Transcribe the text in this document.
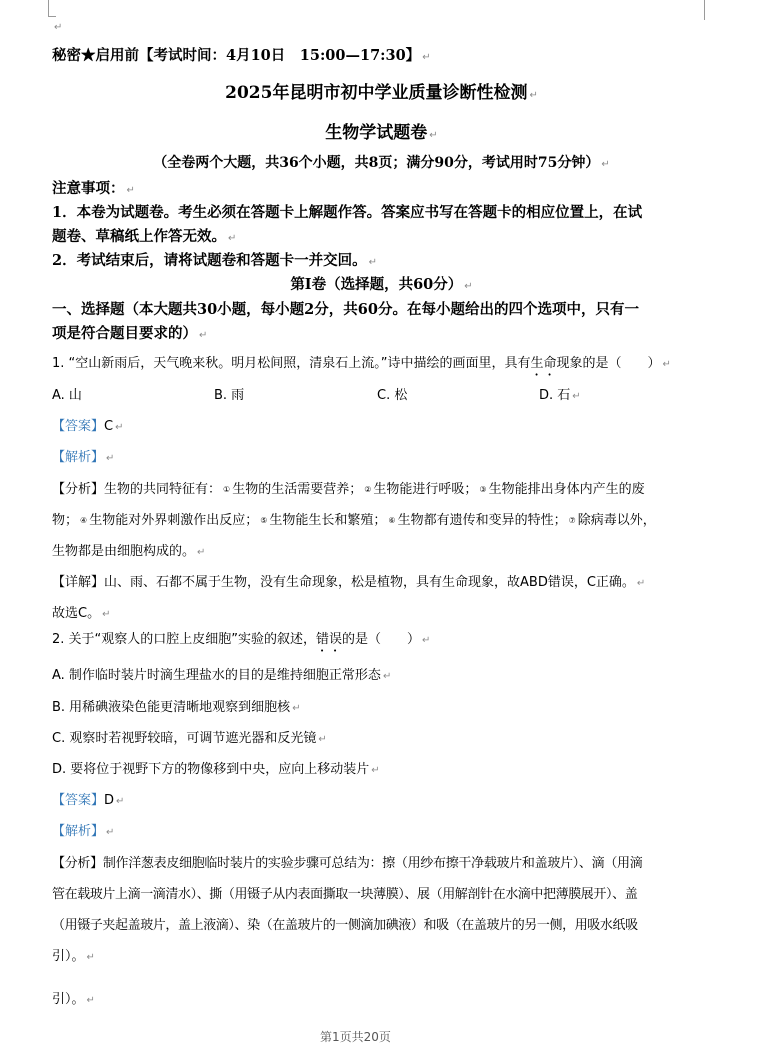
↵
秘密★启用前【考试时间：4月10日　15:00—17:30】 ↵
2025年昆明市初中学业质量诊断性检测 ↵
生物学试题卷 ↵
（全卷两个大题，共36个小题，共8页；满分90分，考试用时75分钟） ↵
注意事项： ↵
1．本卷为试题卷。考生必须在答题卡上解题作答。答案应书写在答题卡的相应位置上，在试
题卷、草稿纸上作答无效。 ↵
2．考试结束后，请将试题卷和答题卡一并交回。 ↵
第Ⅰ卷（选择题，共60分） ↵
一、选择题（本大题共30小题，每小题2分，共60分。在每小题给出的四个选项中，只有一
项是符合题目要求的） ↵
1. “空山新雨后，天气晚来秋。明月松间照，清泉石上流。”诗中描绘的画面里，具有生命现象的是（　　） ↵
A. 山	B. 雨	C. 松	D. 石 ↵
【答案】C ↵
【解析】 ↵
【分析】生物的共同特征有： ① 生物的生活需要营养； ② 生物能进行呼吸； ③ 生物能排出身体内产生的废
物； ④ 生物能对外界刺激作出反应； ⑤ 生物能生长和繁殖； ⑥ 生物都有遗传和变异的特性； ⑦ 除病毒以外，
生物都是由细胞构成的。 ↵
【详解】山、雨、石都不属于生物，没有生命现象，松是植物，具有生命现象，故ABD错误，C正确。 ↵
故选C。 ↵
2. 关于“观察人的口腔上皮细胞”实验的叙述，错误的是（　　） ↵
A. 制作临时装片时滴生理盐水的目的是维持细胞正常形态 ↵
B. 用稀碘液染色能更清晰地观察到细胞核 ↵
C. 观察时若视野较暗，可调节遮光器和反光镜 ↵
D. 要将位于视野下方的物像移到中央，应向上移动装片 ↵
【答案】D ↵
【解析】 ↵
【分析】制作洋葱表皮细胞临时装片的实验步骤可总结为：擦（用纱布擦干净载玻片和盖玻片）、滴（用滴
管在载玻片上滴一滴清水）、撕（用镊子从内表面撕取一块薄膜）、展（用解剖针在水滴中把薄膜展开）、盖
（用镊子夹起盖玻片，盖上液滴）、染（在盖玻片的一侧滴加碘液）和吸（在盖玻片的另一侧，用吸水纸吸
引）。 ↵
引）。 ↵
第1页共20页
